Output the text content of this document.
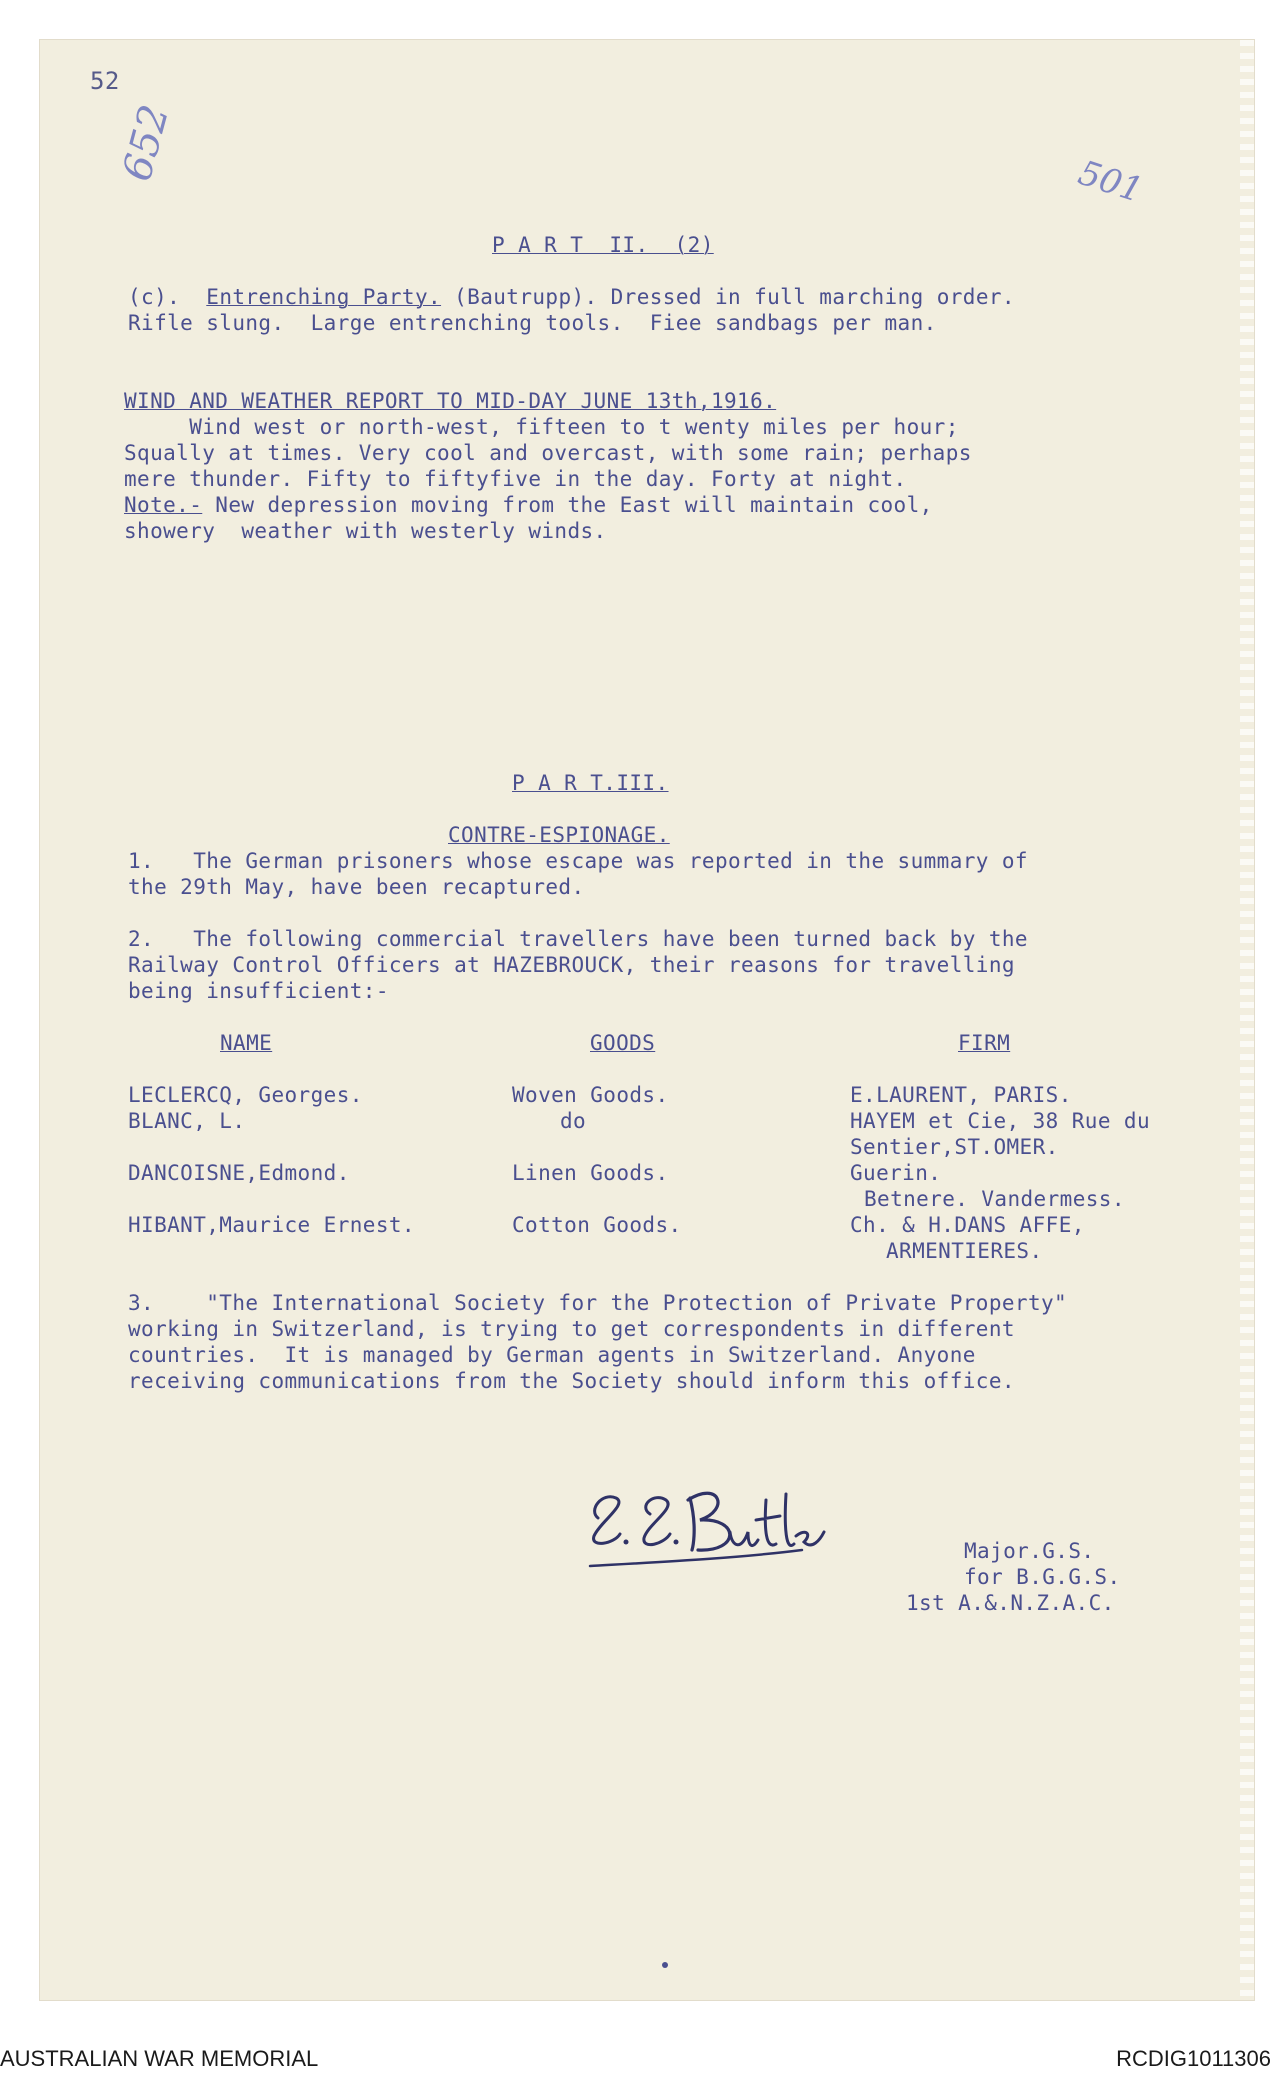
52
652	501
P A R T  II.  (2)
(c). Entrenching Party. (Bautrupp). Dressed in full marching order.
Rifle slung.  Large entrenching tools.  Fiee sandbags per man.
WIND AND WEATHER REPORT TO MID-DAY JUNE 13th,1916.
Wind west or north-west, fifteen to t wenty miles per hour;
Squally at times. Very cool and overcast, with some rain; perhaps
mere thunder. Fifty to fiftyfive in the day. Forty at night.
Note.- New depression moving from the East will maintain cool,
showery  weather with westerly winds.
P A R T.III.
CONTRE-ESPIONAGE.
1.   The German prisoners whose escape was reported in the summary of
the 29th May, have been recaptured.
2.   The following commercial travellers have been turned back by the
Railway Control Officers at HAZEBROUCK, their reasons for travelling
being insufficient:-
NAME	GOODS	FIRM
LECLERCQ, Georges.	Woven Goods.	E.LAURENT, PARIS.
BLANC, L.	do	HAYEM et Cie, 38 Rue du
Sentier,ST.OMER.
DANCOISNE,Edmond.	Linen Goods.	Guerin.
Betnere. Vandermess.
HIBANT,Maurice Ernest.	Cotton Goods.	Ch. & H.DANS AFFE,
ARMENTIERES.
3.    "The International Society for the Protection of Private Property"
working in Switzerland, is trying to get correspondents in different
countries.  It is managed by German agents in Switzerland. Anyone
receiving communications from the Society should inform this office.
Major.G.S.
for B.G.G.S.
1st A.&.N.Z.A.C.
AUSTRALIAN WAR MEMORIAL	RCDIG1011306
